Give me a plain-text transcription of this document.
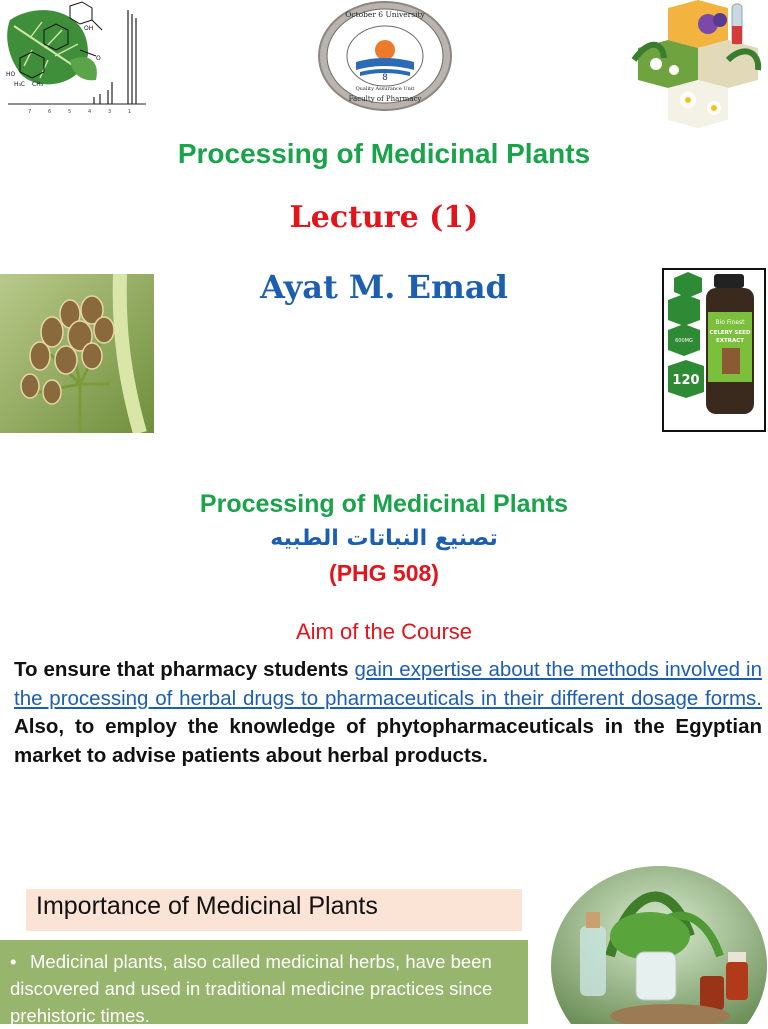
OH
O
HO
H₃C CH₃
7	6	5	4	3	1
8
October 6 University
Faculty of Pharmacy
Quality Assurance Unit
Processing of Medicinal Plants
Lecture (1)
Ayat M. Emad
120
600MG
Bio Finest
CELERY SEED
EXTRACT
Processing of Medicinal Plants
تصنيع النباتات الطبيه
(PHG 508)
Aim of the Course
To ensure that pharmacy students gain expertise about the methods involved in the processing of herbal drugs to pharmaceuticals in their different dosage forms. Also, to employ the knowledge of phytopharmaceuticals in the Egyptian market to advise patients about herbal products.
Importance of Medicinal Plants
• Medicinal plants, also called medicinal herbs, have been discovered and used in traditional medicine practices since prehistoric times.
